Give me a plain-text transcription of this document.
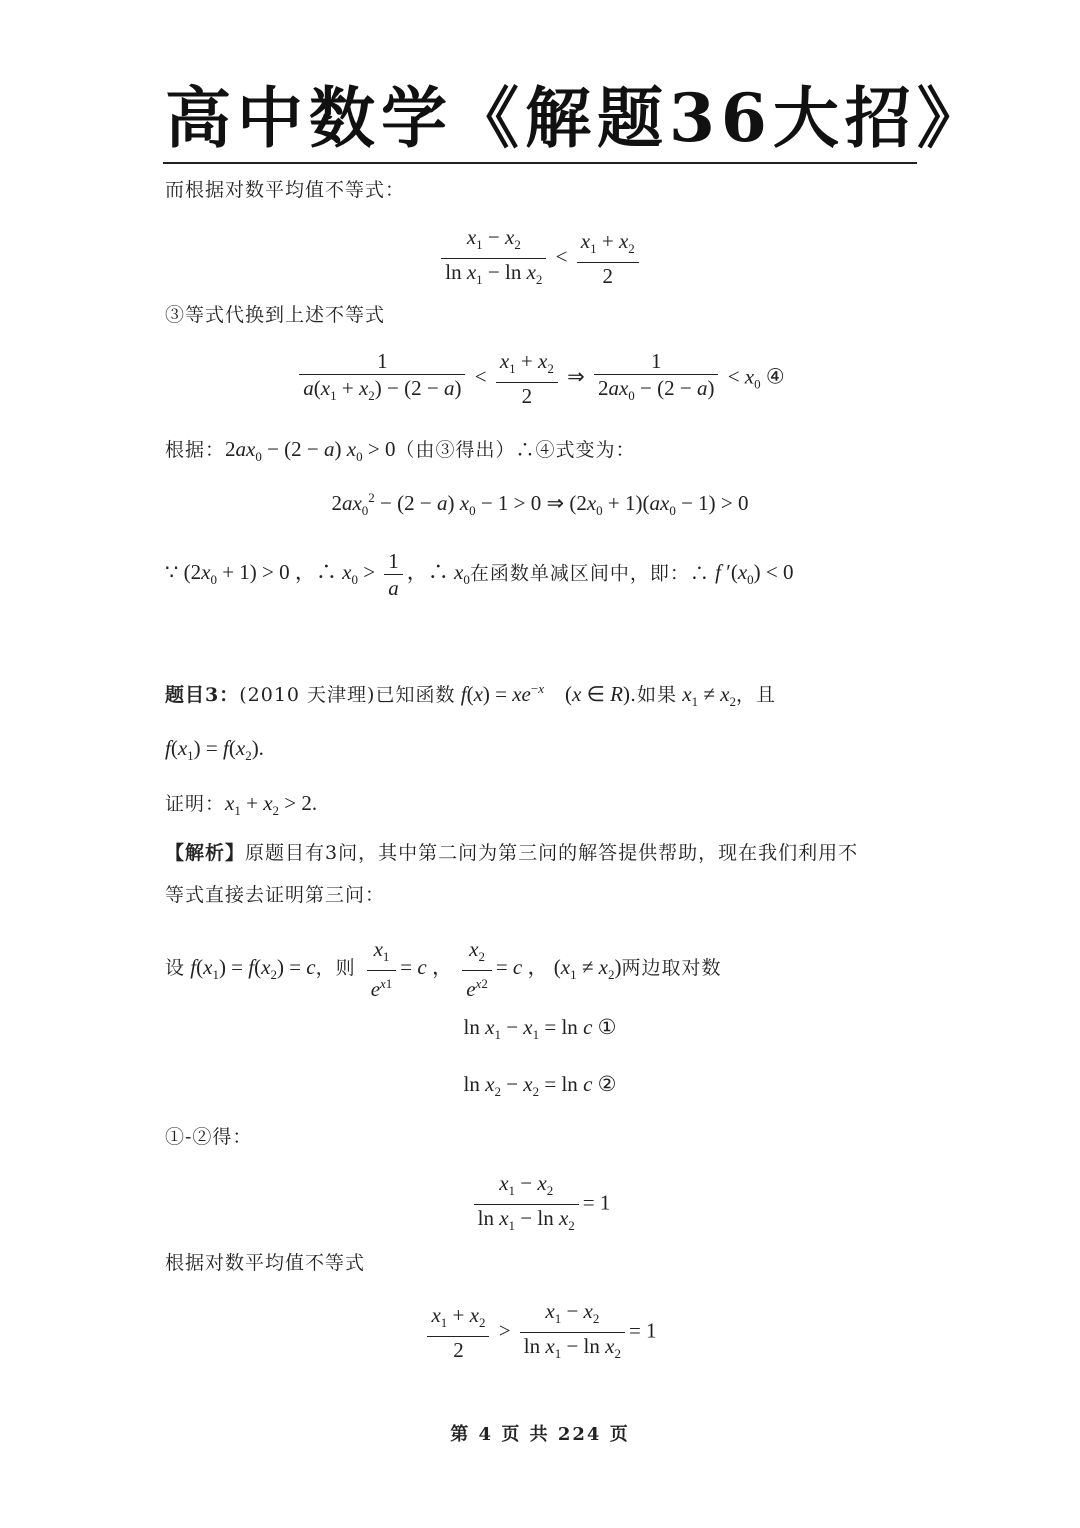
高中数学《解题36大招》
而根据对数平均值不等式：
$\frac{x_1 - x_2}{\ln x_1 - \ln x_2} < \frac{x_1 + x_2}{2}$
③等式代换到上述不等式
$\frac{1}{a(x_1 + x_2) - (2 - a)} < \frac{x_1 + x_2}{2}$ ⇒ $\frac{1}{2ax_0 - (2 - a)} < x_0$ ④
根据：$2ax_0 - (2 - a) x_0 > 0$（由③得出）∴④式变为：
$2ax_0^2 - (2 - a) x_0 - 1 > 0$ ⇒ $(2x_0 + 1)(ax_0 - 1) > 0$
∵ $(2x_0 + 1) > 0$ ，∴ $x_0 > \frac{1}{a}$ ，∴ $x_0$在函数单减区间中，即：∴ f $'(x_0) < 0$
题目3：(2010 天津理)已知函数 $f(x) = xe^{-x}$    (x ∈ R).如果 $x_1 \ne x_2$，且
$f(x_1) = f(x_2)$.
证明：$x_1 + x_2 > 2$.
【解析】原题目有3问，其中第二问为第三问的解答提供帮助，现在我们利用不
等式直接去证明第三问：
设 $f(x_1) = f(x_2) = c$，则 $\frac{x_1}{e^{x1}} = c$ ， $\frac{x_2}{e^{x2}} = c$ ， $(x_1 \ne x_2)$两边取对数
$\ln x_1 - x_1 = \ln c$ ①
$\ln x_2 - x_2 = \ln c$ ②
①-②得：
$\frac{x_1 - x_2}{\ln x_1 - \ln x_2} = 1$
根据对数平均值不等式
$\frac{x_1 + x_2}{2} > \frac{x_1 - x_2}{\ln x_1 - \ln x_2} = 1$
第 4 页 共 224 页
